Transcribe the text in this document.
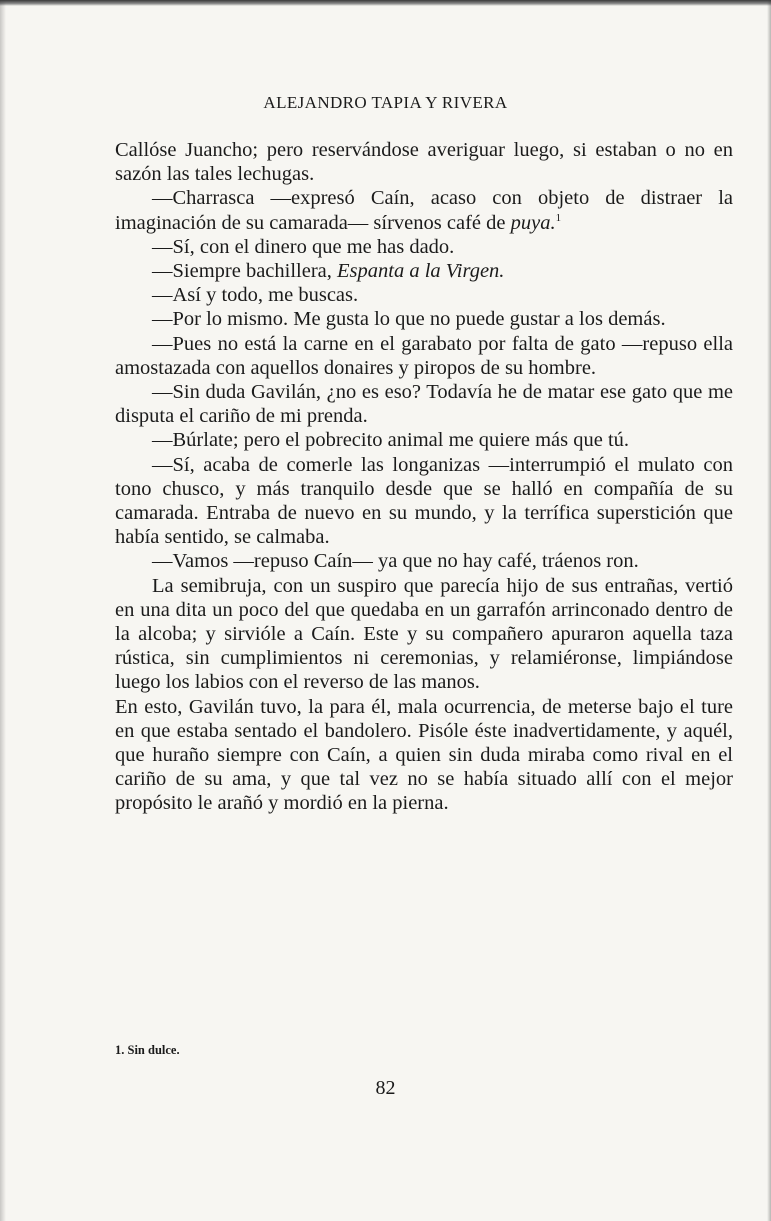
ALEJANDRO TAPIA Y RIVERA

Callóse Juancho; pero reservándose averiguar luego, si estaban o no en sazón las tales lechugas.

—Charrasca —expresó Caín, acaso con objeto de distraer la imaginación de su camarada— sírvenos café de puya.$^1$

—Sí, con el dinero que me has dado.

—Siempre bachillera, Espanta a la Virgen.

—Así y todo, me buscas.

—Por lo mismo. Me gusta lo que no puede gustar a los demás.

—Pues no está la carne en el garabato por falta de gato —repuso ella amostazada con aquellos donaires y piropos de su hombre.

—Sin duda Gavilán, ¿no es eso? Todavía he de matar ese gato que me disputa el cariño de mi prenda.

—Búrlate; pero el pobrecito animal me quiere más que tú.

—Sí, acaba de comerle las longanizas —interrumpió el mulato con tono chusco, y más tranquilo desde que se halló en compañía de su camarada. Entraba de nuevo en su mundo, y la terrífica superstición que había sentido, se calmaba.

—Vamos —repuso Caín— ya que no hay café, tráenos ron.

La semibruja, con un suspiro que parecía hijo de sus entrañas, vertió en una dita un poco del que quedaba en un garrafón arrinconado dentro de la alcoba; y sirvióle a Caín. Este y su compañero apuraron aquella taza rústica, sin cumplimientos ni ceremonias, y relamiéronse, limpiándose luego los labios con el reverso de las manos.

En esto, Gavilán tuvo, la para él, mala ocurrencia, de meterse bajo el ture en que estaba sentado el bandolero. Pisóle éste inadvertidamente, y aquél, que huraño siempre con Caín, a quien sin duda miraba como rival en el cariño de su ama, y que tal vez no se había situado allí con el mejor propósito le arañó y mordió en la pierna.

1. Sin dulce.
82
